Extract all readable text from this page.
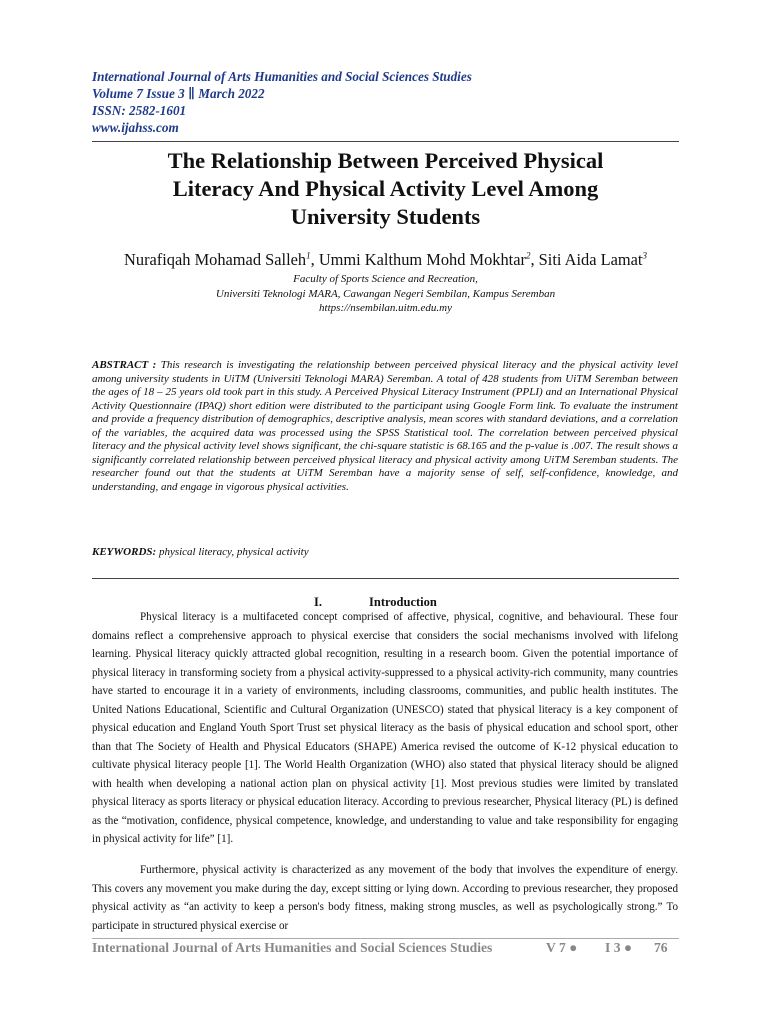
International Journal of Arts Humanities and Social Sciences Studies
Volume 7 Issue 3 ∥ March 2022
ISSN: 2582-1601
www.ijahss.com
The Relationship Between Perceived Physical
Literacy And Physical Activity Level Among
University Students
Nurafiqah Mohamad Salleh$^1$, Ummi Kalthum Mohd Mokhtar$^2$, Siti Aida Lamat$^3$
Faculty of Sports Science and Recreation,
Universiti Teknologi MARA, Cawangan Negeri Sembilan, Kampus Seremban
https://nsembilan.uitm.edu.my
ABSTRACT : This research is investigating the relationship between perceived physical literacy and the physical activity level among university students in UiTM (Universiti Teknologi MARA) Seremban. A total of 428 students from UiTM Seremban between the ages of 18 – 25 years old took part in this study. A Perceived Physical Literacy Instrument (PPLI) and an International Physical Activity Questionnaire (IPAQ) short edition were distributed to the participant using Google Form link. To evaluate the instrument and provide a frequency distribution of demographics, descriptive analysis, mean scores with standard deviations, and a correlation of the variables, the acquired data was processed using the SPSS Statistical tool. The correlation between perceived physical literacy and the physical activity level shows significant, the chi-square statistic is 68.165 and the p-value is .007. The result shows a significantly correlated relationship between perceived physical literacy and physical activity among UiTM Seremban students. The researcher found out that the students at UiTM Seremban have a majority sense of self, self-confidence, knowledge, and understanding, and engage in vigorous physical activities.
KEYWORDS: physical literacy, physical activity
I.	Introduction
Physical literacy is a multifaceted concept comprised of affective, physical, cognitive, and behavioural. These four domains reflect a comprehensive approach to physical exercise that considers the social mechanisms involved with lifelong learning. Physical literacy quickly attracted global recognition, resulting in a research boom. Given the potential importance of physical literacy in transforming society from a physical activity-suppressed to a physical activity-rich community, many countries have started to encourage it in a variety of environments, including classrooms, communities, and public health institutes. The United Nations Educational, Scientific and Cultural Organization (UNESCO) stated that physical literacy is a key component of physical education and England Youth Sport Trust set physical literacy as the basis of physical education and school sport, other than that The Society of Health and Physical Educators (SHAPE) America revised the outcome of K-12 physical education to cultivate physical literacy people [1]. The World Health Organization (WHO) also stated that physical literacy should be aligned with health when developing a national action plan on physical activity [1]. Most previous studies were limited by translated physical literacy as sports literacy or physical education literacy. According to previous researcher, Physical literacy (PL) is defined as the “motivation, confidence, physical competence, knowledge, and understanding to value and take responsibility for engaging in physical activity for life” [1].
Furthermore, physical activity is characterized as any movement of the body that involves the expenditure of energy. This covers any movement you make during the day, except sitting or lying down. According to previous researcher, they proposed physical activity as “an activity to keep a person's body fitness, making strong muscles, as well as psychologically strong.” To participate in structured physical exercise or
International Journal of Arts Humanities and Social Sciences Studies	V 7 ● I 3 ● 76
